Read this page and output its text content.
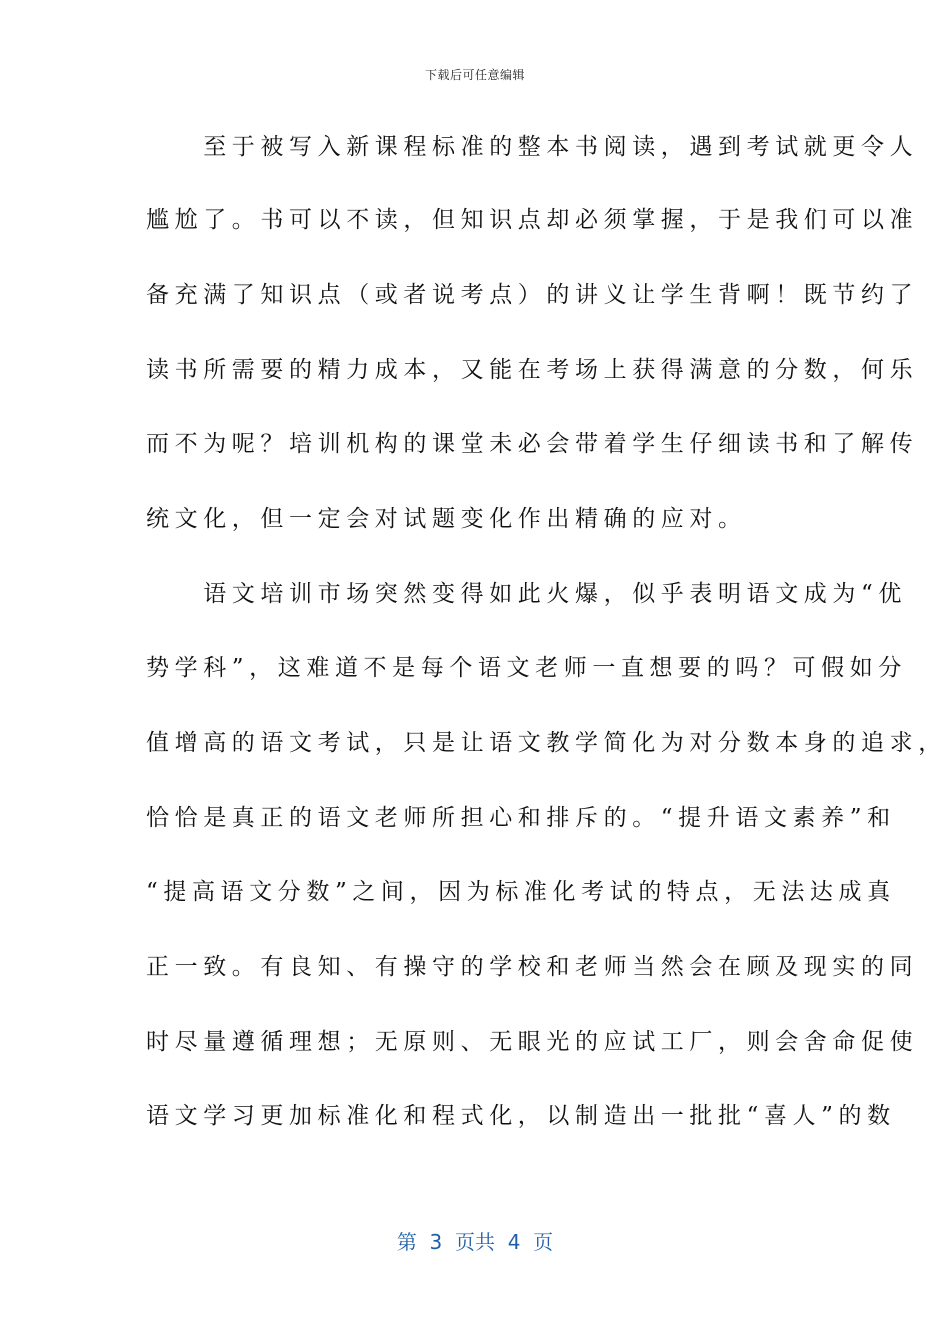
下载后可任意编辑
　　至于被写入新课程标准的整本书阅读，遇到考试就更令人
尴尬了。书可以不读，但知识点却必须掌握，于是我们可以准
备充满了知识点（或者说考点）的讲义让学生背啊！既节约了
读书所需要的精力成本，又能在考场上获得满意的分数，何乐
而不为呢？培训机构的课堂未必会带着学生仔细读书和了解传
统文化，但一定会对试题变化作出精确的应对。
　　语文培训市场突然变得如此火爆，似乎表明语文成为“优
势学科”，这难道不是每个语文老师一直想要的吗？可假如分
值增高的语文考试，只是让语文教学简化为对分数本身的追求，
恰恰是真正的语文老师所担心和排斥的。“提升语文素养”和
“提高语文分数”之间，因为标准化考试的特点，无法达成真
正一致。有良知、有操守的学校和老师当然会在顾及现实的同
时尽量遵循理想；无原则、无眼光的应试工厂，则会舍命促使
语文学习更加标准化和程式化，以制造出一批批“喜人”的数
第  3  页共  4  页
